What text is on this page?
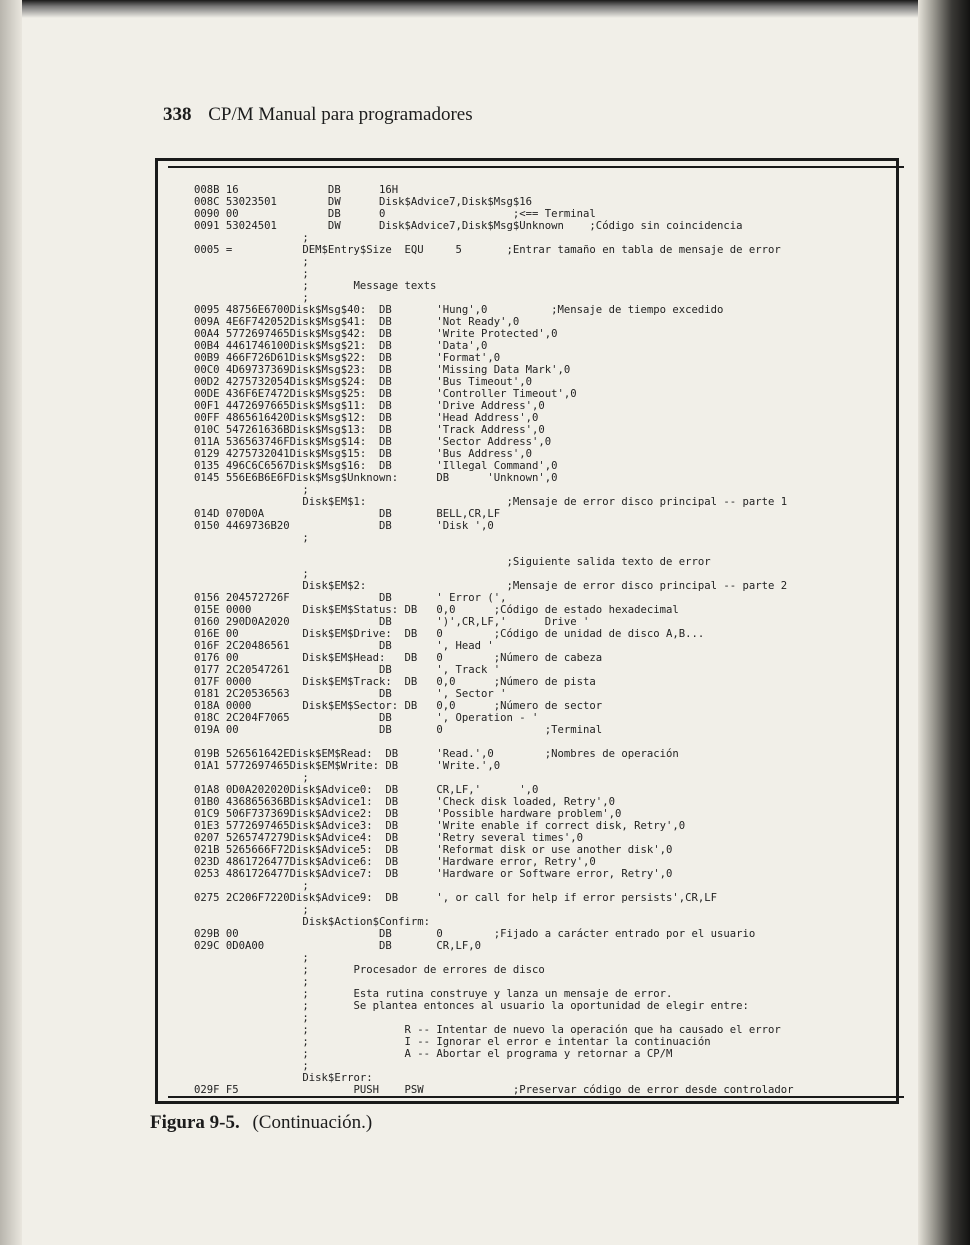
338 CP/M Manual para programadores
008B 16              DB      16H
008C 53023501        DW      Disk$Advice7,Disk$Msg$16
0090 00              DB      0                    ;<== Terminal
0091 53024501        DW      Disk$Advice7,Disk$Msg$Unknown    ;Código sin coincidencia
;
0005 =           DEM$Entry$Size  EQU     5       ;Entrar tamaño en tabla de mensaje de error
;
;
;       Message texts
;
0095 48756E6700Disk$Msg$40:  DB       'Hung',0          ;Mensaje de tiempo excedido
009A 4E6F742052Disk$Msg$41:  DB       'Not Ready',0
00A4 5772697465Disk$Msg$42:  DB       'Write Protected',0
00B4 4461746100Disk$Msg$21:  DB       'Data',0
00B9 466F726D61Disk$Msg$22:  DB       'Format',0
00C0 4D69737369Disk$Msg$23:  DB       'Missing Data Mark',0
00D2 4275732054Disk$Msg$24:  DB       'Bus Timeout',0
00DE 436F6E7472Disk$Msg$25:  DB       'Controller Timeout',0
00F1 4472697665Disk$Msg$11:  DB       'Drive Address',0
00FF 4865616420Disk$Msg$12:  DB       'Head Address',0
010C 547261636BDisk$Msg$13:  DB       'Track Address',0
011A 536563746FDisk$Msg$14:  DB       'Sector Address',0
0129 4275732041Disk$Msg$15:  DB       'Bus Address',0
0135 496C6C6567Disk$Msg$16:  DB       'Illegal Command',0
0145 556E6B6E6FDisk$Msg$Unknown:      DB      'Unknown',0
;
Disk$EM$1:                      ;Mensaje de error disco principal -- parte 1
014D 070D0A                  DB       BELL,CR,LF
0150 4469736B20              DB       'Disk ',0
;

;Siguiente salida texto de error
;
Disk$EM$2:                      ;Mensaje de error disco principal -- parte 2
0156 204572726F              DB       ' Error (',
015E 0000        Disk$EM$Status: DB   0,0      ;Código de estado hexadecimal
0160 290D0A2020              DB       ')',CR,LF,'      Drive '
016E 00          Disk$EM$Drive:  DB   0        ;Código de unidad de disco A,B...
016F 2C20486561              DB       ', Head '
0176 00          Disk$EM$Head:   DB   0        ;Número de cabeza
0177 2C20547261              DB       ', Track '
017F 0000        Disk$EM$Track:  DB   0,0      ;Número de pista
0181 2C20536563              DB       ', Sector '
018A 0000        Disk$EM$Sector: DB   0,0      ;Número de sector
018C 2C204F7065              DB       ', Operation - '
019A 00                      DB       0                ;Terminal

019B 526561642EDisk$EM$Read:  DB      'Read.',0        ;Nombres de operación
01A1 5772697465Disk$EM$Write: DB      'Write.',0
;
01A8 0D0A202020Disk$Advice0:  DB      CR,LF,'      ',0
01B0 436865636BDisk$Advice1:  DB      'Check disk loaded, Retry',0
01C9 506F737369Disk$Advice2:  DB      'Possible hardware problem',0
01E3 5772697465Disk$Advice3:  DB      'Write enable if correct disk, Retry',0
0207 5265747279Disk$Advice4:  DB      'Retry several times',0
021B 5265666F72Disk$Advice5:  DB      'Reformat disk or use another disk',0
023D 4861726477Disk$Advice6:  DB      'Hardware error, Retry',0
0253 4861726477Disk$Advice7:  DB      'Hardware or Software error, Retry',0
;
0275 2C206F7220Disk$Advice9:  DB      ', or call for help if error persists',CR,LF
;
Disk$Action$Confirm:
029B 00                      DB       0        ;Fijado a carácter entrado por el usuario
029C 0D0A00                  DB       CR,LF,0
;
;       Procesador de errores de disco
;
;       Esta rutina construye y lanza un mensaje de error.
;       Se plantea entonces al usuario la oportunidad de elegir entre:
;
;               R -- Intentar de nuevo la operación que ha causado el error
;               I -- Ignorar el error e intentar la continuación
;               A -- Abortar el programa y retornar a CP/M
;
Disk$Error:
029F F5                  PUSH    PSW              ;Preservar código de error desde controlador
Figura 9-5. (Continuación.)
